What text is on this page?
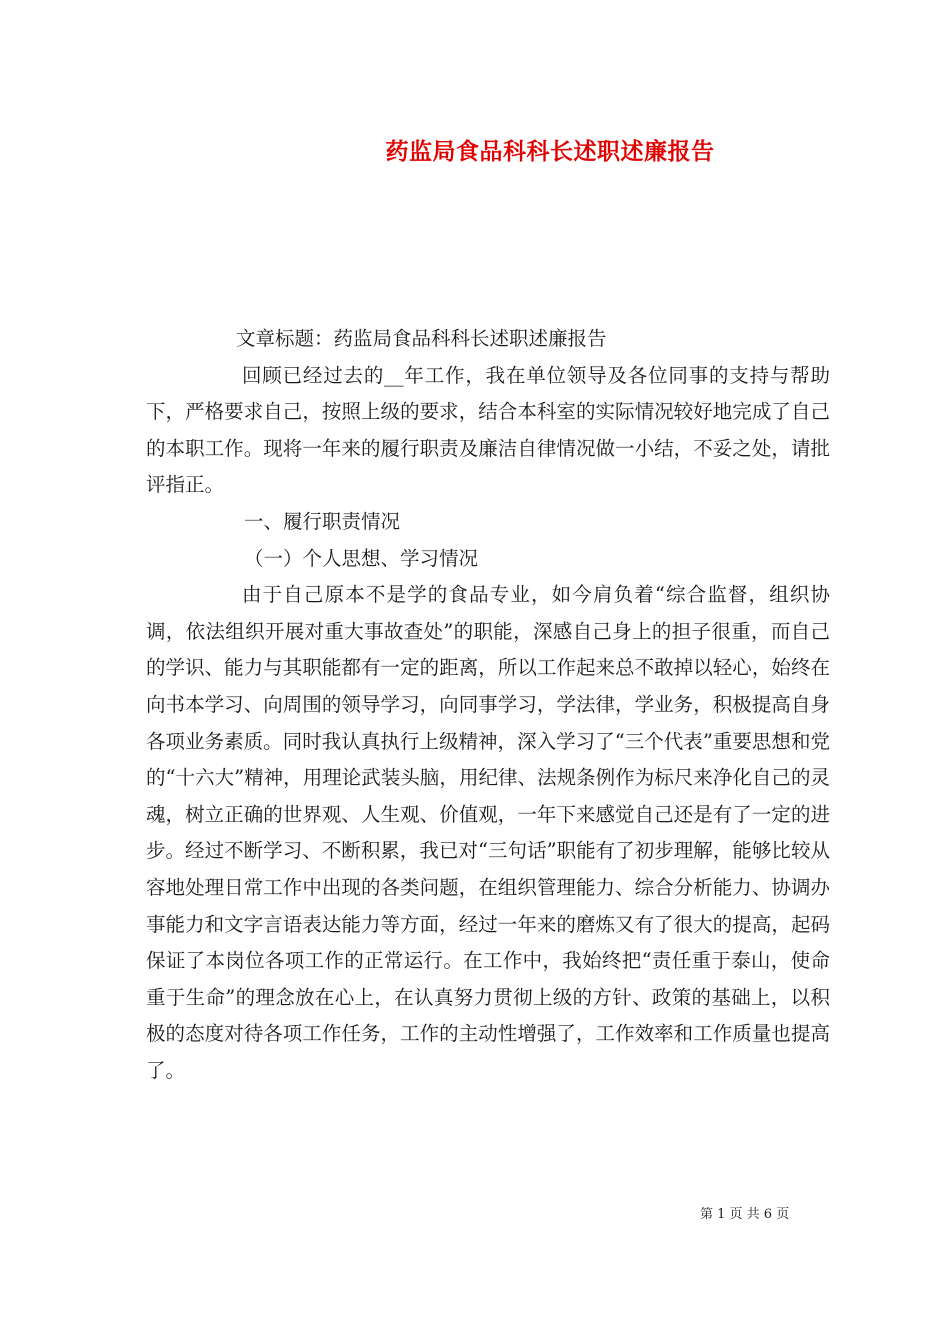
药监局食品科科长述职述廉报告

文章标题：药监局食品科科长述职述廉报告

回顾已经过去的__年工作，我在单位领导及各位同事的支持与帮助下，严格要求自己，按照上级的要求，结合本科室的实际情况较好地完成了自己的本职工作。现将一年来的履行职责及廉洁自律情况做一小结，不妥之处，请批评指正。

一、履行职责情况

（一）个人思想、学习情况

由于自己原本不是学的食品专业，如今肩负着“综合监督，组织协调，依法组织开展对重大事故查处”的职能，深感自己身上的担子很重，而自己的学识、能力与其职能都有一定的距离，所以工作起来总不敢掉以轻心，始终在向书本学习、向周围的领导学习，向同事学习，学法律，学业务，积极提高自身各项业务素质。同时我认真执行上级精神，深入学习了“三个代表”重要思想和党的“十六大”精神，用理论武装头脑，用纪律、法规条例作为标尺来净化自己的灵魂，树立正确的世界观、人生观、价值观，一年下来感觉自己还是有了一定的进步。经过不断学习、不断积累，我已对“三句话”职能有了初步理解，能够比较从容地处理日常工作中出现的各类问题，在组织管理能力、综合分析能力、协调办事能力和文字言语表达能力等方面，经过一年来的磨炼又有了很大的提高，起码保证了本岗位各项工作的正常运行。在工作中，我始终把“责任重于泰山，使命重于生命”的理念放在心上，在认真努力贯彻上级的方针、政策的基础上，以积极的态度对待各项工作任务，工作的主动性增强了，工作效率和工作质量也提高了。

第 1 页 共 6 页
